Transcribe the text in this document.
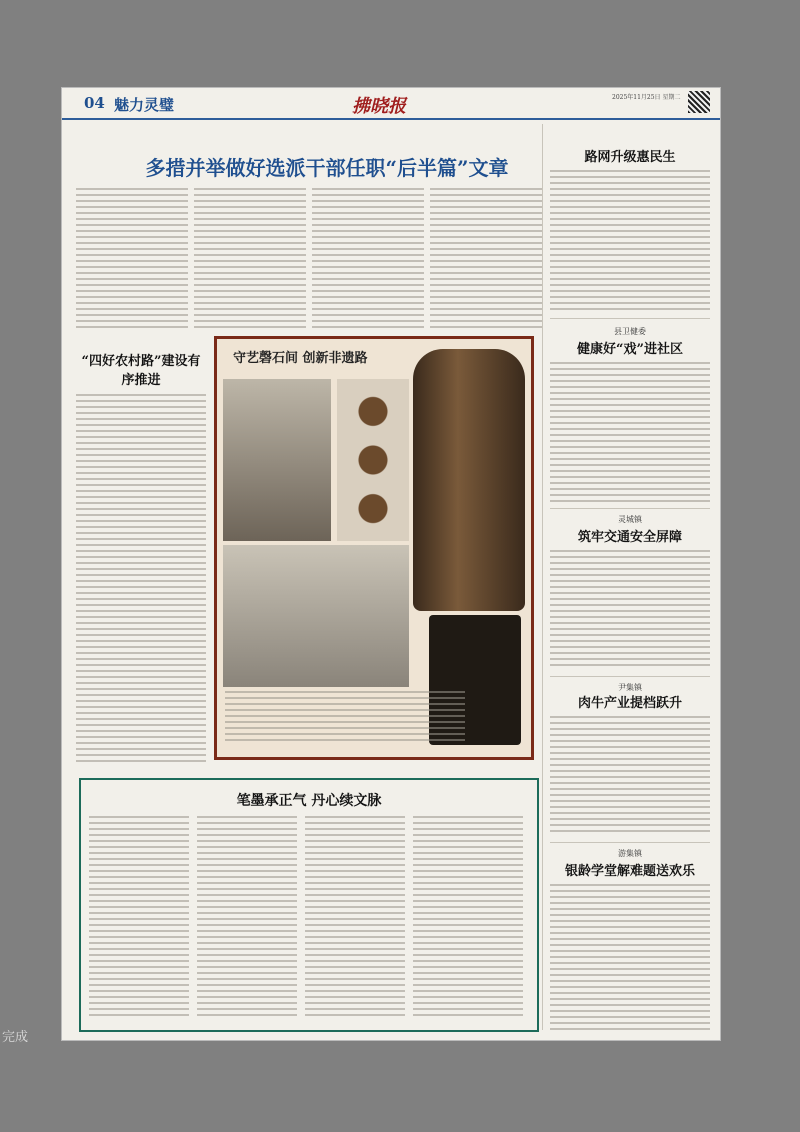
04 魅力灵璧	拂晓报	2025年11月25日 星期二
多措并举做好选派干部任职“后半篇”文章
“四好农村路”建设有序推进
守艺磬石间 创新非遗路
笔墨承正气 丹心续文脉
路网升级惠民生
县卫健委
健康好“戏”进社区
灵城镇
筑牢交通安全屏障
尹集镇
肉牛产业提档跃升
游集镇
银龄学堂解难题送欢乐
完成
